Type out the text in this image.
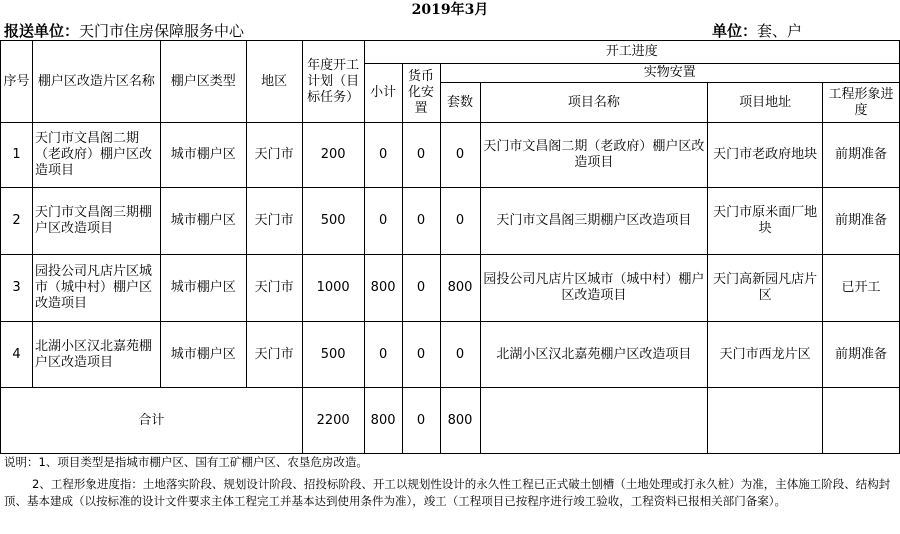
2019年3月
报送单位：天门市住房保障服务中心	单位：套、户
序号	棚户区改造片区名称	棚户区类型	地区	年度开工计划（目标任务）	开工进度					
					小计	货币化安置	实物安置			
							套数	项目名称	项目地址	工程形象进度
1	天门市文昌阁二期（老政府）棚户区改造项目	城市棚户区	天门市	200	0	0	0	天门市文昌阁二期（老政府）棚户区改造项目	天门市老政府地块	前期准备
2	天门市文昌阁三期棚户区改造项目	城市棚户区	天门市	500	0	0	0	天门市文昌阁三期棚户区改造项目	天门市原米面厂地块	前期准备
3	园投公司凡店片区城市（城中村）棚户区改造项目	城市棚户区	天门市	1000	800	0	800	园投公司凡店片区城市（城中村）棚户区改造项目	天门高新园凡店片区	已开工
4	北湖小区汉北嘉苑棚户区改造项目	城市棚户区	天门市	500	0	0	0	北湖小区汉北嘉苑棚户区改造项目	天门市西龙片区	前期准备
合计				2200	800	0	800			
说明：1、项目类型是指城市棚户区、国有工矿棚户区、农垦危房改造。
2、工程形象进度指：土地落实阶段、规划设计阶段、招投标阶段、开工以规划性设计的永久性工程已正式破土刨槽（土地处理或打永久桩）为准，主体施工阶段、结构封顶、基本建成（以按标准的设计文件要求主体工程完工并基本达到使用条件为准），竣工（工程项目已按程序进行竣工验收，工程资料已报相关部门备案）。
